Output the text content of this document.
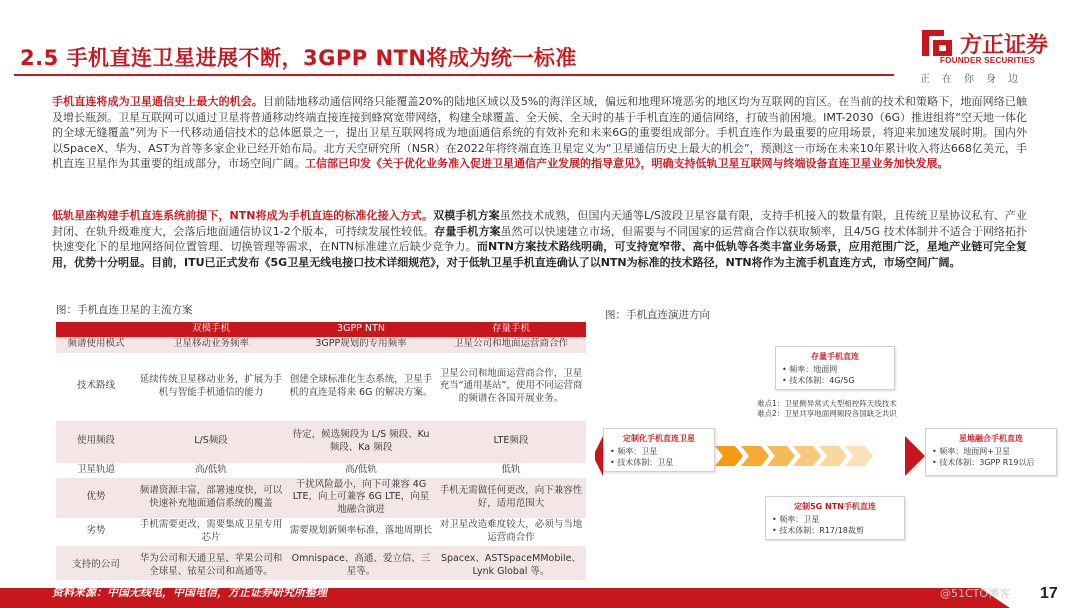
2.5 手机直连卫星进展不断，3GPP NTN将成为统一标准	方正证券
FOUNDER SECURITIES
正在你身边
手机直连将成为卫星通信史上最大的机会。目前陆地移动通信网络只能覆盖20%的陆地区域以及5%的海洋区域，偏远和地理环境恶劣的地区均为互联网的盲区。在当前的技术和策略下，地面网络已触及增长瓶颈。卫星互联网可以通过卫星将普通移动终端直接连接到蜂窝宽带网络，构建全球覆盖、全天候、全天时的基于手机直连的通信网络，打破当前困境。IMT-2030（6G）推进组将“空天地一体化的全球无缝覆盖”列为下一代移动通信技术的总体愿景之一，提出卫星互联网将成为地面通信系统的有效补充和未来6G的重要组成部分。手机直连作为最重要的应用场景，将迎来加速发展时期。国内外以SpaceX、华为、AST为首等多家企业已经开始布局。北方天空研究所（NSR）在2022年将终端直连卫星定义为“卫星通信历史上最大的机会”，预测这一市场在未来10年累计收入将达668亿美元，手机直连卫星作为其重要的组成部分，市场空间广阔。工信部已印发《关于优化业务准入促进卫星通信产业发展的指导意见》，明确支持低轨卫星互联网与终端设备直连卫星业务加快发展。
低轨星座构建手机直连系统前提下，NTN将成为手机直连的标准化接入方式。双模手机方案虽然技术成熟，但国内天通等L/S波段卫星容量有限，支持手机接入的数量有限，且传统卫星协议私有、产业封闭、在轨升级难度大，会落后地面通信协议1-2个版本，可持续发展性较低。存量手机方案虽然可以快速建立市场，但需要与不同国家的运营商合作以获取频率，且4/5G 技术体制并不适合于网络拓扑快速变化下的星地网络间位置管理、切换管理等需求，在NTN标准建立后缺少竞争力。而NTN方案技术路线明确，可支持宽窄带、高中低轨等各类丰富业务场景，应用范围广泛，星地产业链可完全复用，优势十分明显。目前，ITU已正式发布《5G卫星无线电接口技术详细规范》，对于低轨卫星手机直连确认了以NTN为标准的技术路径，NTN将作为主流手机直连方式，市场空间广阔。
图：手机直连卫星的主流方案	图：手机直连演进方向
	双模手机	3GPP NTN	存量手机
频谱使用模式	卫星移动业务频率	3GPP规划的专用频率	卫星公司和地面运营商合作
技术路线	延续传统卫星移动业务，扩展为手机与智能手机通信的能力	创建全球标准化生态系统，卫星手机的直连是将来 6G 的解决方案。	卫星公司和地面运营商合作，卫星充当“通用基站”，使用不同运营商的频谱在各国开展业务。
使用频段	L/S频段	待定，候选频段为 L/S 频段、Ku 频段、Ka 频段	LTE频段
卫星轨道	高/低轨	高/低轨	低轨
优势	频谱资源丰富，部署速度快，可以快速补充地面通信系统的覆盖	干扰风险最小，向下可兼容 4G LTE，向上可兼容 6G LTE，向星地融合演进	手机无需做任何更改，向下兼容性好，适用范围大
劣势	手机需要更改，需要集成卫星专用芯片	需要规划新频率标准，落地周期长	对卫星改造难度较大，必须与当地运营商合作
支持的公司	华为公司和天通卫星、苹果公司和全球星、铱星公司和高通等。	Omnispace、高通、爱立信、三星等。	Spacex、ASTSpaceMMobile、Lynk Global 等。
存量手机直连
• 频率：地面网
• 技术体制：4G/5G
难点1：卫星侧异常式大型相控阵天线技术
难点2：卫星共享地面网频段各国缺乏共识
定制化手机直连卫星
• 频率：卫星
• 技术体制：卫星
星地融合手机直连
• 频率：地面网+卫星
• 技术体制：3GPP R19以后
定制5G NTN手机直连
• 频率：卫星
• 技术体制：R17/18裁剪
资料来源：中国无线电，中国电信，方正证券研究所整理	@51CTO博客 17
